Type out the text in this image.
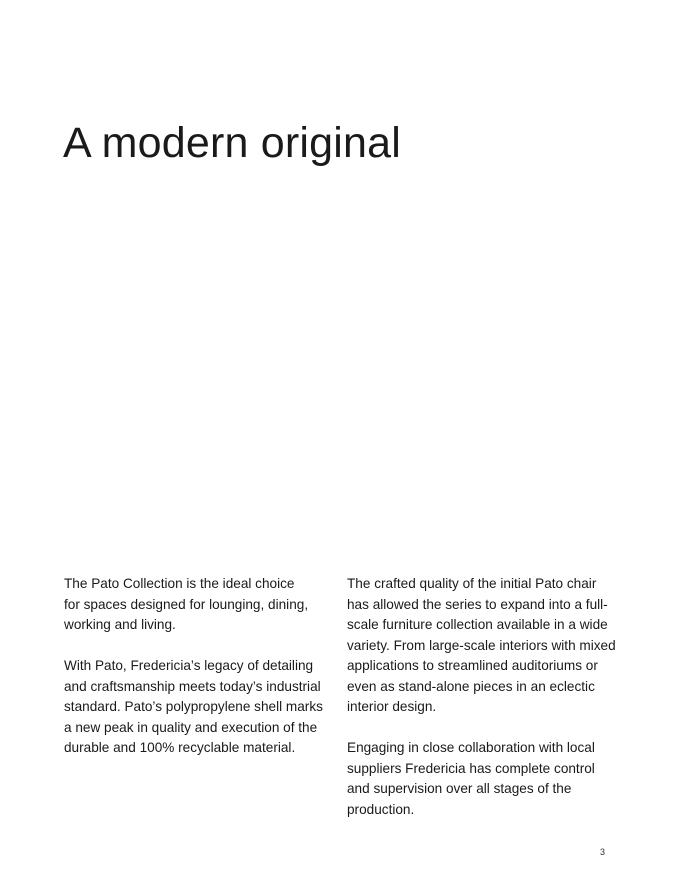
A modern original

The Pato Collection is the ideal choice
for spaces designed for lounging, dining,
working and living.

With Pato, Fredericia’s legacy of detailing
and craftsmanship meets today’s industrial
standard. Pato’s polypropylene shell marks
a new peak in quality and execution of the
durable and 100% recyclable material.

The crafted quality of the initial Pato chair
has allowed the series to expand into a full-
scale furniture collection available in a wide
variety. From large-scale interiors with mixed
applications to streamlined auditoriums or
even as stand-alone pieces in an eclectic
interior design.

Engaging in close collaboration with local
suppliers Fredericia has complete control
and supervision over all stages of the
production.

3
